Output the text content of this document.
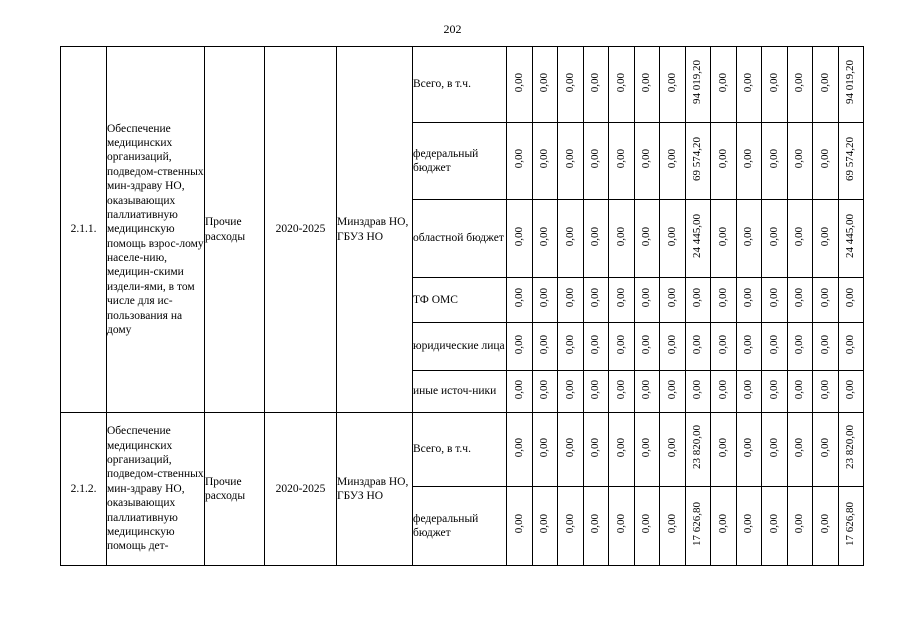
202
2.1.1.	Обеспечение медицинских организаций, подведом-ственных мин-здраву НО, оказывающих паллиативную медицинскую помощь взрос-лому населе-нию, медицин-скими издели-ями, в том числе для ис-пользования на дому	Прочие расходы	2020-2025	Минздрав НО, ГБУЗ НО	Всего, в т.ч.	0,00	0,00	0,00	0,00	0,00	0,00	0,00	94 019,20	0,00	0,00	0,00	0,00	0,00	94 019,20
					федеральный бюджет	0,00	0,00	0,00	0,00	0,00	0,00	0,00	69 574,20	0,00	0,00	0,00	0,00	0,00	69 574,20
					областной бюджет	0,00	0,00	0,00	0,00	0,00	0,00	0,00	24 445,00	0,00	0,00	0,00	0,00	0,00	24 445,00
					ТФ ОМС	0,00	0,00	0,00	0,00	0,00	0,00	0,00	0,00	0,00	0,00	0,00	0,00	0,00	0,00
					юридические лица	0,00	0,00	0,00	0,00	0,00	0,00	0,00	0,00	0,00	0,00	0,00	0,00	0,00	0,00
					иные источ-ники	0,00	0,00	0,00	0,00	0,00	0,00	0,00	0,00	0,00	0,00	0,00	0,00	0,00	0,00
2.1.2.	Обеспечение медицинских организаций, подведом-ственных мин-здраву НО, оказывающих паллиативную медицинскую помощь дет-	Прочие расходы	2020-2025	Минздрав НО, ГБУЗ НО	Всего, в т.ч.	0,00	0,00	0,00	0,00	0,00	0,00	0,00	23 820,00	0,00	0,00	0,00	0,00	0,00	23 820,00
					федеральный бюджет	0,00	0,00	0,00	0,00	0,00	0,00	0,00	17 626,80	0,00	0,00	0,00	0,00	0,00	17 626,80
